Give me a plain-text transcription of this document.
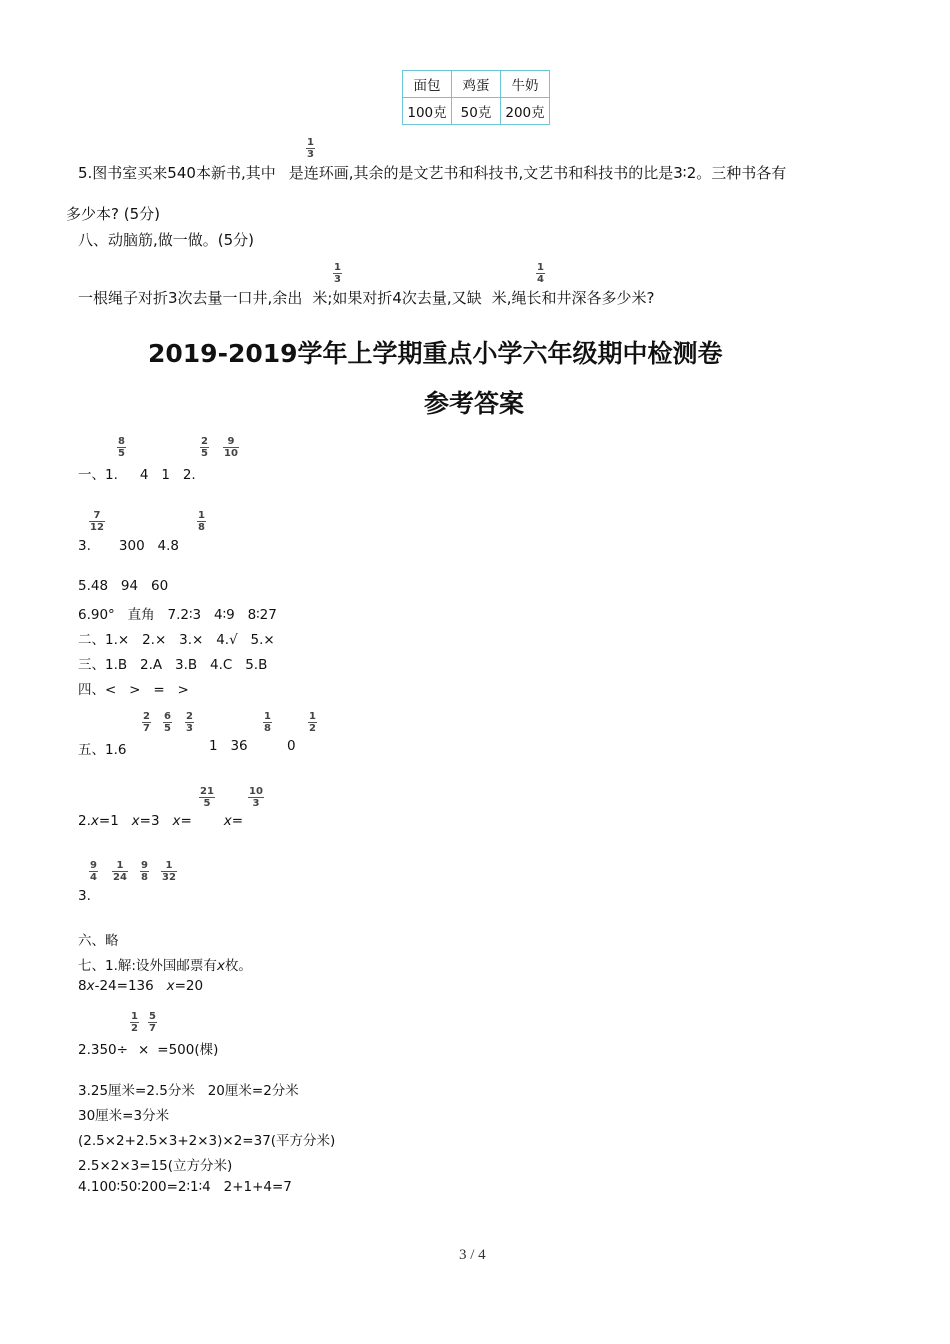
面包	鸡蛋	牛奶
100克	50克	200克
5.图书室买来540本新书,其中 是连环画,其余的是文艺书和科技书,文艺书和科技书的比是3∶2。三种书各有
$\frac{1}{3}$
多少本? (5分)
八、动脑筋,做一做。(5分)
一根绳子对折3次去量一口井,余出 米;如果对折4次去量,又缺 米,绳长和井深各多少米?
$\frac{1}{3}$	$\frac{1}{4}$
2019-2019学年上学期重点小学六年级期中检测卷
参考答案
一、1. 4   1   2.
$\frac{8}{5}$	$\frac{2}{5} \frac{9}{10}$
3. 300   4.8
$\frac{7}{12}$	$\frac{1}{8}$
5.48   94   60
6.90°   直角   7.2∶3   4∶9   8∶27
二、1.×   2.×   3.×   4.√   5.×
三、1.B   2.A   3.B   4.C   5.B
四、<   >   =   >
五、1.6
$\frac{2}{7} \frac{6}{5} \frac{2}{3}$
1   36
$\frac{1}{8}$
0
$\frac{1}{2}$
2.x=1   x=3   x= x=
$\frac{21}{5}$	$\frac{10}{3}$
3.
$\frac{9}{4} \frac{1}{24} \frac{9}{8} \frac{1}{32}$
六、略
七、1.解:设外国邮票有x枚。
8x-24=136   x=20
2.350÷ × =500(棵)
$\frac{1}{2} \frac{5}{7}$
3.25厘米=2.5分米   20厘米=2分米
30厘米=3分米
(2.5×2+2.5×3+2×3)×2=37(平方分米)
2.5×2×3=15(立方分米)
4.100∶50∶200=2∶1∶4   2+1+4=7
3 / 4
